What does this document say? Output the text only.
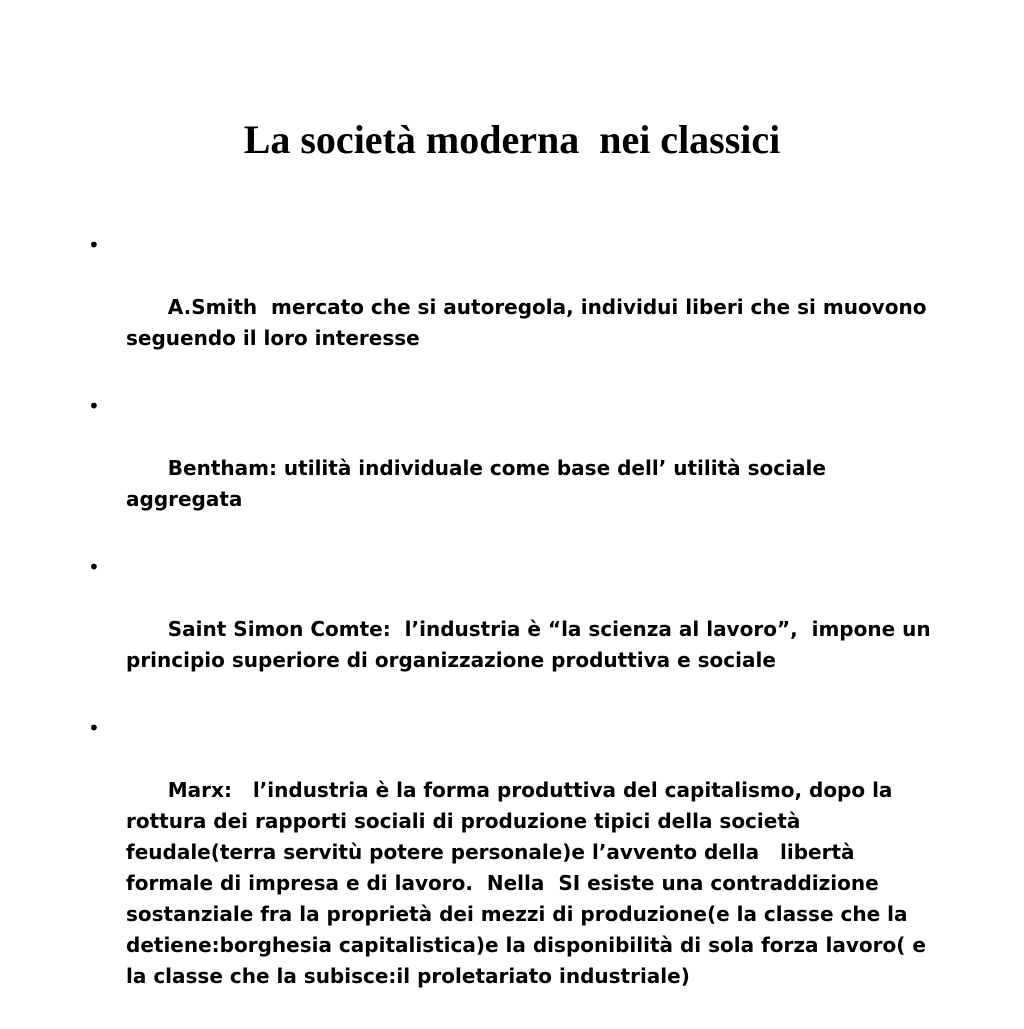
La società moderna  nei classici

•

A.Smith  mercato che si autoregola, individui liberi che si muovono seguendo il loro interesse

•

Bentham: utilità individuale come base dell’ utilità sociale aggregata

•

Saint Simon Comte:  l’industria è “la scienza al lavoro”,  impone un principio superiore di organizzazione produttiva e sociale

•

Marx:   l’industria è la forma produttiva del capitalismo, dopo la rottura dei rapporti sociali di produzione tipici della società feudale(terra servitù potere personale)e l’avvento della   libertà formale di impresa e di lavoro.  Nella  SI esiste una contraddizione sostanziale fra la proprietà dei mezzi di produzione(e la classe che la detiene:borghesia capitalistica)e la disponibilità di sola forza lavoro( e la classe che la subisce:il proletariato industriale)
